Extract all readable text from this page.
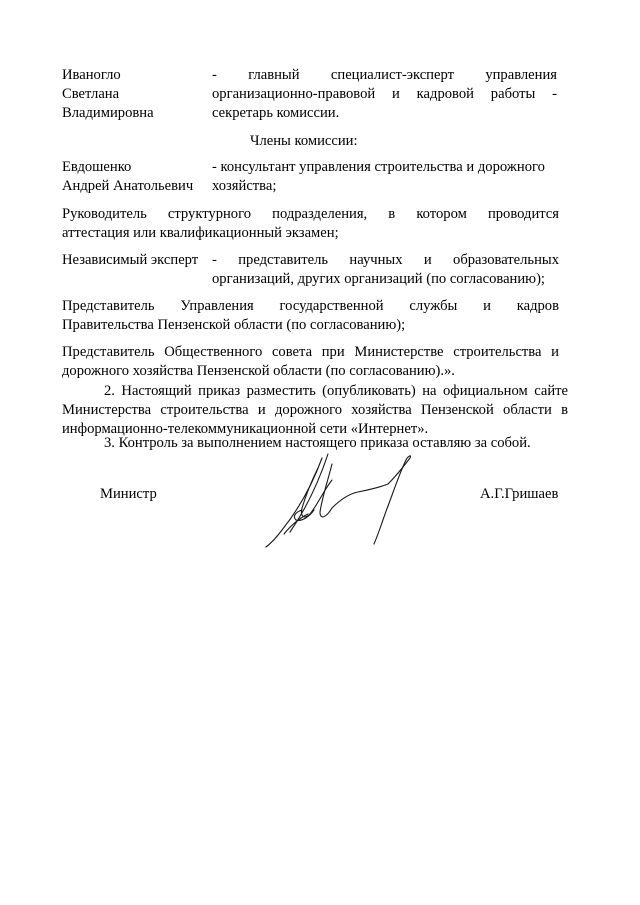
Иваногло
Светлана
Владимировна
- главный специалист-эксперт управления
организационно-правовой и кадровой работы -
секретарь комиссии.
Члены комиссии:
Евдошенко
Андрей Анатольевич
- консультант управления строительства и дорожного
хозяйства;
Руководитель структурного подразделения, в котором проводится
аттестация или квалификационный экзамен;
Независимый эксперт - представитель научных и образовательных
организаций, других организаций (по согласованию);
Представитель Управления государственной службы и кадров
Правительства Пензенской области (по согласованию);
Представитель Общественного совета при Министерстве строительства и
дорожного хозяйства Пензенской области (по согласованию).».
2. Настоящий приказ разместить (опубликовать) на официальном сайте
Министерства строительства и дорожного хозяйства Пензенской области в
информационно-телекоммуникационной сети «Интернет».
3. Контроль за выполнением настоящего приказа оставляю за собой.
Министр	А.Г.Гришаев
